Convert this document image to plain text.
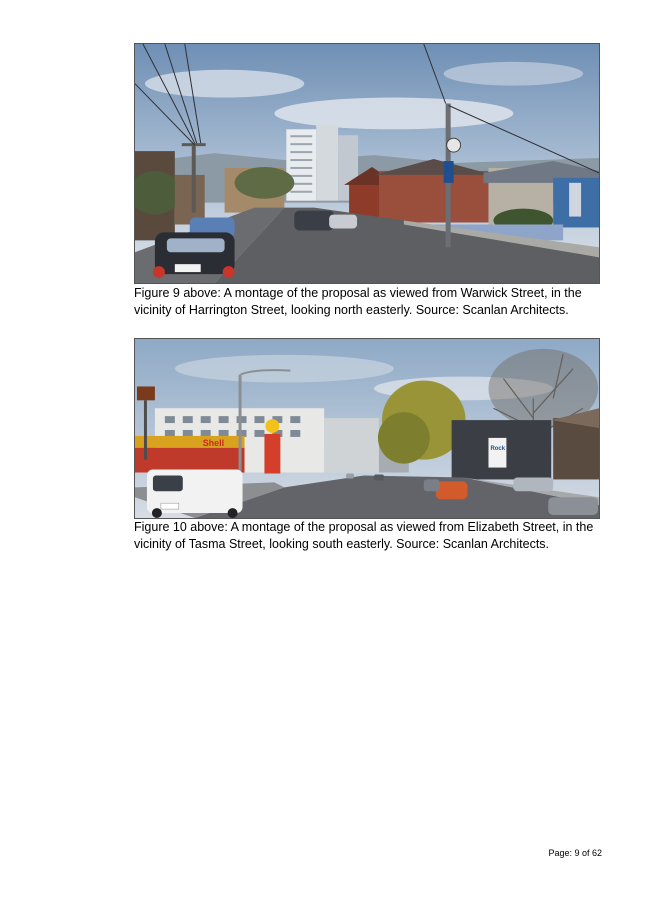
Figure 9 above: A montage of the proposal as viewed from Warwick Street, in the vicinity of Harrington Street, looking north easterly. Source: Scanlan Architects.

Shell
Rock

Figure 10 above: A montage of the proposal as viewed from Elizabeth Street, in the vicinity of Tasma Street, looking south easterly. Source: Scanlan Architects.

Page: 9 of 62
